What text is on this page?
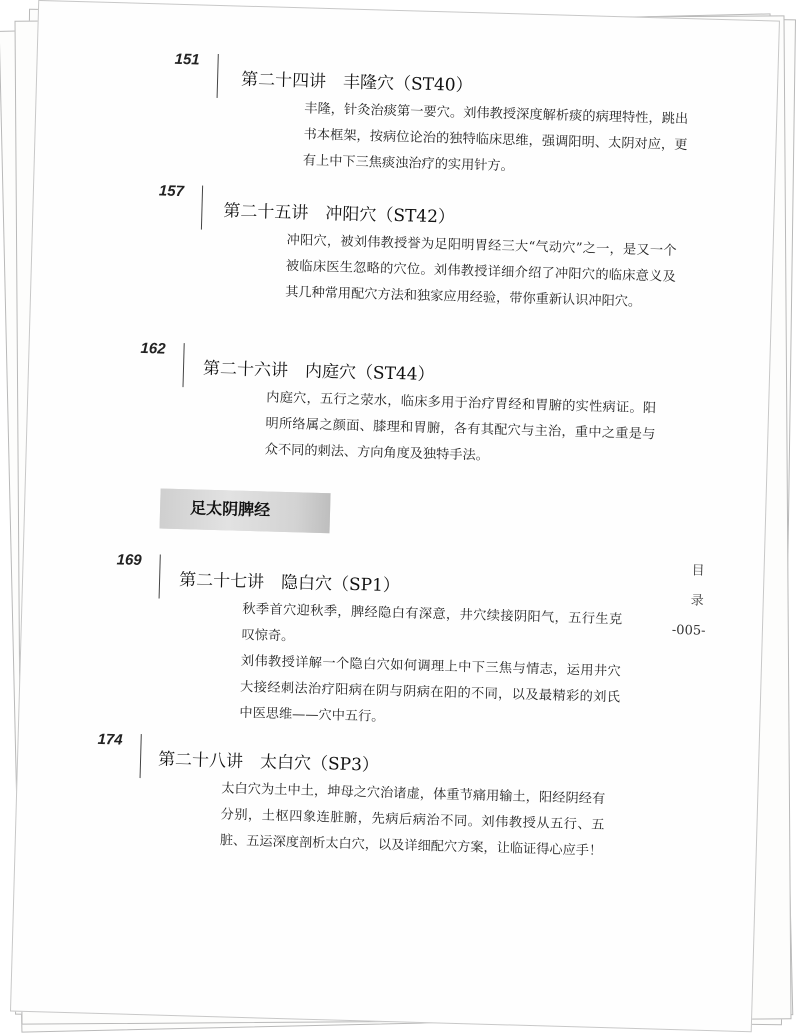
151
第二十四讲　丰隆穴（ST40）

丰隆，针灸治痰第一要穴。刘伟教授深度解析痰的病理特性，跳出书本框架，按病位论治的独特临床思维，强调阳明、太阴对应，更有上中下三焦痰浊治疗的实用针方。

157
第二十五讲　冲阳穴（ST42）

冲阳穴，被刘伟教授誉为足阳明胃经三大“气动穴”之一，是又一个被临床医生忽略的穴位。刘伟教授详细介绍了冲阳穴的临床意义及其几种常用配穴方法和独家应用经验，带你重新认识冲阳穴。

162
第二十六讲　内庭穴（ST44）

内庭穴，五行之荥水，临床多用于治疗胃经和胃腑的实性病证。阳明所络属之颜面、膝理和胃腑，各有其配穴与主治，重中之重是与众不同的刺法、方向角度及独特手法。

足太阴脾经
目
录
-005-
169
第二十七讲　隐白穴（SP1）

秋季首穴迎秋季，脾经隐白有深意，井穴续接阴阳气，五行生克叹惊奇。

刘伟教授详解一个隐白穴如何调理上中下三焦与情志，运用井穴大接经刺法治疗阳病在阴与阴病在阳的不同，以及最精彩的刘氏中医思维——穴中五行。

174
第二十八讲　太白穴（SP3）

太白穴为土中土，坤母之穴治诸虚，体重节痛用输土，阳经阴经有分别，土枢四象连脏腑，先病后病治不同。刘伟教授从五行、五脏、五运深度剖析太白穴，以及详细配穴方案，让临证得心应手！
